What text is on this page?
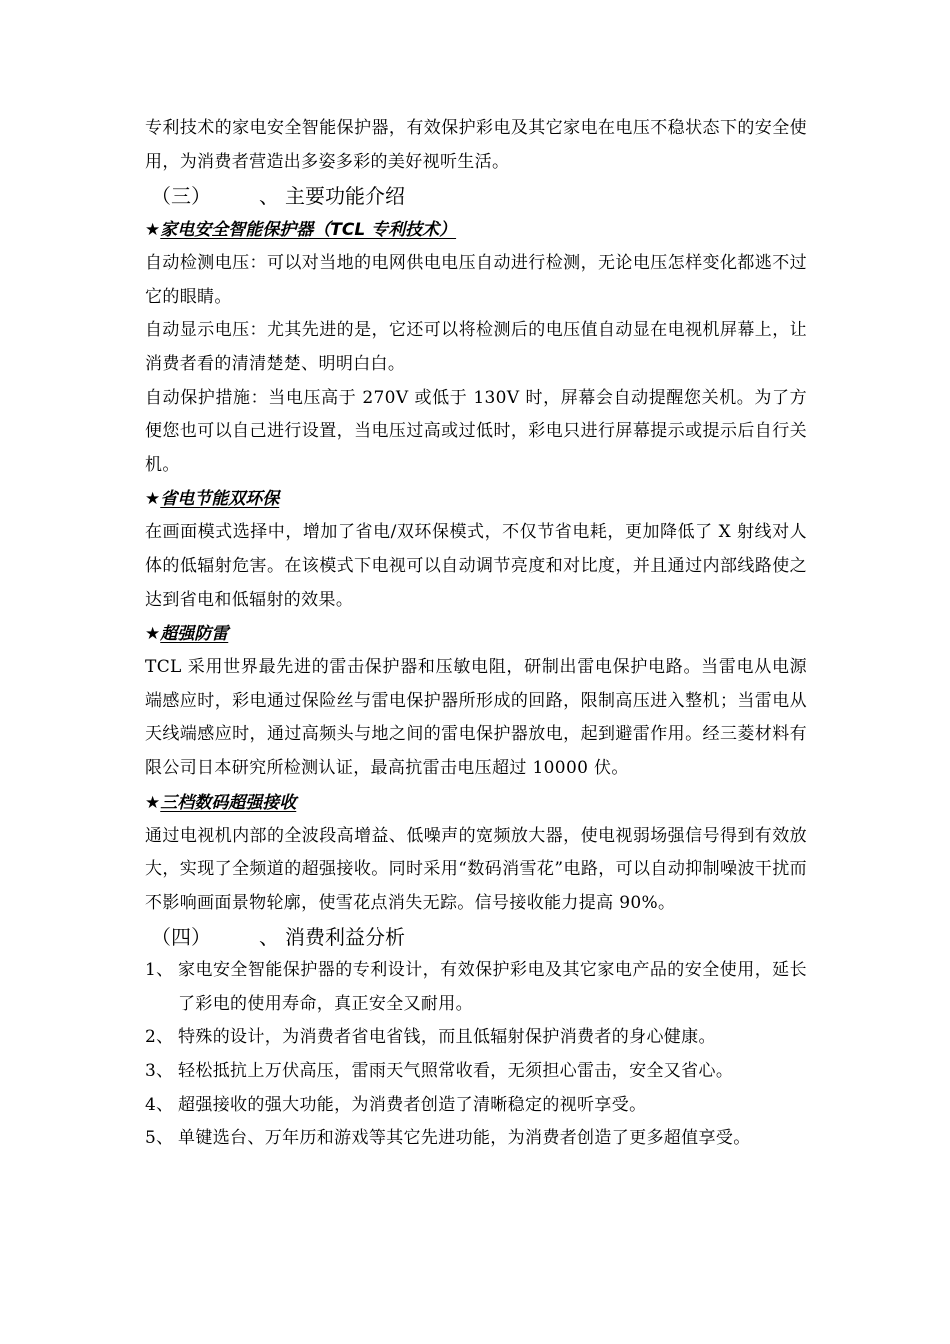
专利技术的家电安全智能保护器，有效保护彩电及其它家电在电压不稳状态下的安全使用，为消费者营造出多姿多彩的美好视听生活。

（三）	、 主要功能介绍
★家电安全智能保护器（TCL 专利技术）

自动检测电压：可以对当地的电网供电电压自动进行检测，无论电压怎样变化都逃不过它的眼睛。

自动显示电压：尤其先进的是，它还可以将检测后的电压值自动显在电视机屏幕上，让消费者看的清清楚楚、明明白白。

自动保护措施：当电压高于 270V 或低于 130V 时，屏幕会自动提醒您关机。为了方便您也可以自己进行设置，当电压过高或过低时，彩电只进行屏幕提示或提示后自行关机。

★省电节能双环保

在画面模式选择中，增加了省电/双环保模式，不仅节省电耗，更加降低了 X 射线对人体的低辐射危害。在该模式下电视可以自动调节亮度和对比度，并且通过内部线路使之达到省电和低辐射的效果。

★超强防雷

TCL 采用世界最先进的雷击保护器和压敏电阻，研制出雷电保护电路。当雷电从电源端感应时，彩电通过保险丝与雷电保护器所形成的回路，限制高压进入整机；当雷电从天线端感应时，通过高频头与地之间的雷电保护器放电，起到避雷作用。经三菱材料有限公司日本研究所检测认证，最高抗雷击电压超过 10000 伏。

★三档数码超强接收

通过电视机内部的全波段高增益、低噪声的宽频放大器，使电视弱场强信号得到有效放大，实现了全频道的超强接收。同时采用“数码消雪花”电路，可以自动抑制噪波干扰而不影响画面景物轮廓，使雪花点消失无踪。信号接收能力提高 90%。

（四）	、 消费利益分析
1、 家电安全智能保护器的专利设计，有效保护彩电及其它家电产品的安全使用，延长了彩电的使用寿命，真正安全又耐用。
2、 特殊的设计，为消费者省电省钱，而且低辐射保护消费者的身心健康。
3、 轻松抵抗上万伏高压，雷雨天气照常收看，无须担心雷击，安全又省心。
4、 超强接收的强大功能，为消费者创造了清晰稳定的视听享受。
5、 单键选台、万年历和游戏等其它先进功能，为消费者创造了更多超值享受。
